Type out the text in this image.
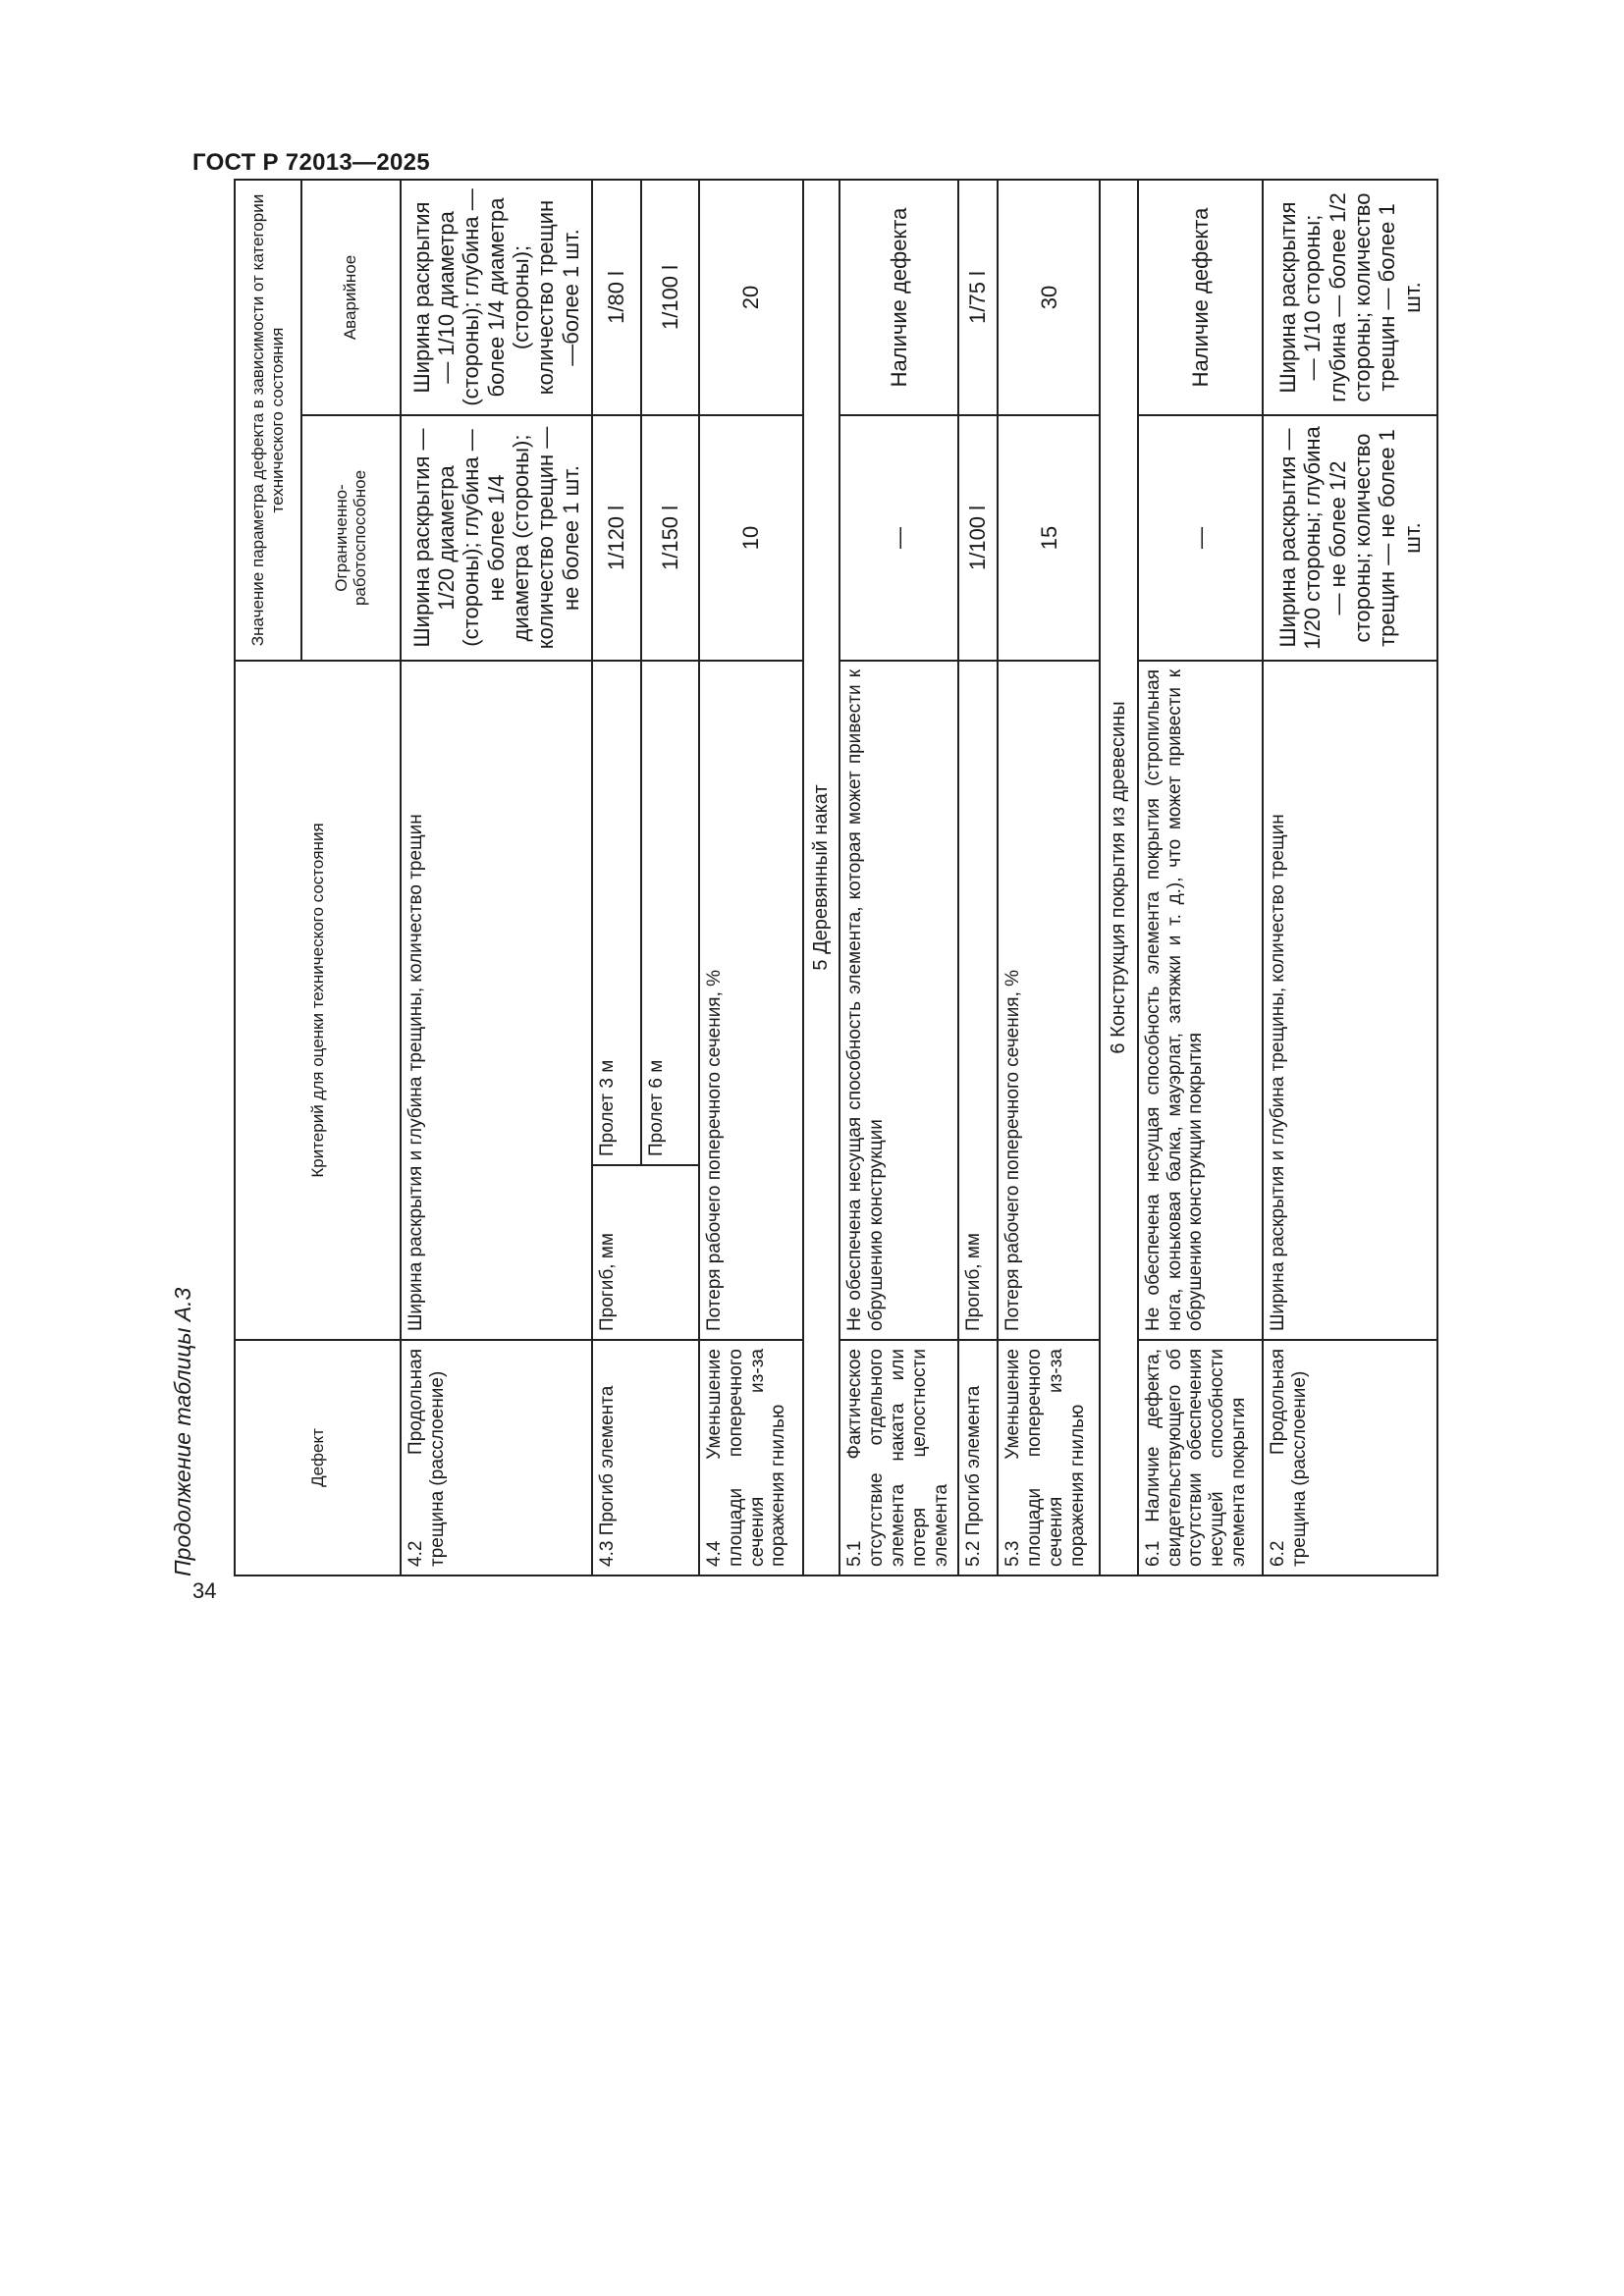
ГОСТ Р 72013—2025
34
Продолжение таблицы А.3	Дефект	Критерий для оценки технического состояния		Значение параметра дефекта в зависимости от категории технического состояния	
			Ограниченно-работоспособное	Аварийное
4.2 Продольная трещина (расслоение)	Ширина раскрытия и глубина трещины, количество трещин		Ширина раскрытия — 1/20 диаметра (стороны); глубина — не более 1/4 диаметра (стороны); количество трещин — не более 1 шт.	Ширина раскрытия — 1/10 диаметра (стороны); глубина — более 1/4 диаметра (стороны); количество трещин —более 1 шт.
4.3 Прогиб элемента	Прогиб, мм	Пролет 3 м	1/120 l	1/80 l
		Пролет 6 м	1/150 l	1/100 l
4.4 Уменьшение площади поперечного сечения из-за поражения гнилью	Потеря рабочего поперечного сечения, %		10	20
5 Деревянный накат				
5.1 Фактическое отсутствие отдельного элемента наката или потеря целостности элемента	Не обеспечена несущая способность элемента, которая может привести к обрушению конструкции		—	Наличие дефекта
5.2 Прогиб элемента	Прогиб, мм		1/100 l	1/75 l
5.3 Уменьшение площади поперечного сечения из-за поражения гнилью	Потеря рабочего поперечного сечения, %		15	30
6 Конструкция покрытия из древесины				
6.1 Наличие дефекта, свидетельствующего об отсутствии обеспечения несущей способности элемента покрытия	Не обеспечена несущая способность элемента покрытия (стропильная нога, коньковая балка, мауэрлат, затяжки и т. д.), что может привести к обрушению конструкции покрытия		—	Наличие дефекта
6.2 Продольная трещина (расслоение)	Ширина раскрытия и глубина трещины, количество трещин		Ширина раскрытия — 1/20 стороны; глубина — не более 1/2 стороны; количество трещин — не более 1 шт.	Ширина раскрытия — 1/10 стороны; глубина — более 1/2 стороны; количество трещин — более 1 шт.
